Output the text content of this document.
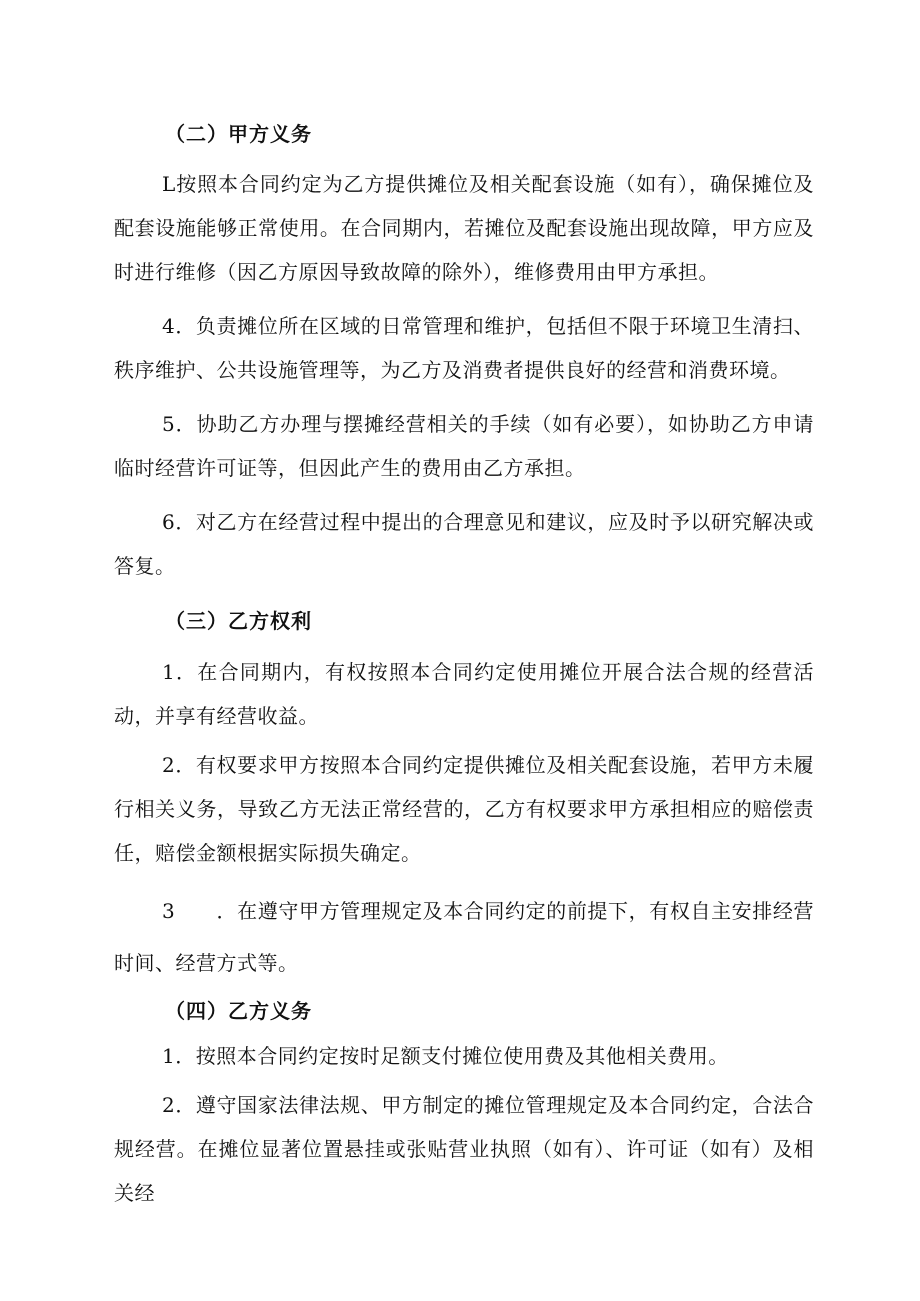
（二）甲方义务
L按照本合同约定为乙方提供摊位及相关配套设施（如有），确保摊位及配套设施能够正常使用。在合同期内，若摊位及配套设施出现故障，甲方应及时进行维修（因乙方原因导致故障的除外），维修费用由甲方承担。
4．负责摊位所在区域的日常管理和维护，包括但不限于环境卫生清扫、秩序维护、公共设施管理等，为乙方及消费者提供良好的经营和消费环境。
5．协助乙方办理与摆摊经营相关的手续（如有必要），如协助乙方申请临时经营许可证等，但因此产生的费用由乙方承担。
6．对乙方在经营过程中提出的合理意见和建议，应及时予以研究解决或答复。
（三）乙方权利
1．在合同期内，有权按照本合同约定使用摊位开展合法合规的经营活动，并享有经营收益。
2．有权要求甲方按照本合同约定提供摊位及相关配套设施，若甲方未履行相关义务，导致乙方无法正常经营的，乙方有权要求甲方承担相应的赔偿责任，赔偿金额根据实际损失确定。
3　　．在遵守甲方管理规定及本合同约定的前提下，有权自主安排经营时间、经营方式等。
（四）乙方义务
1．按照本合同约定按时足额支付摊位使用费及其他相关费用。
2．遵守国家法律法规、甲方制定的摊位管理规定及本合同约定，合法合规经营。在摊位显著位置悬挂或张贴营业执照（如有）、许可证（如有）及相关经
